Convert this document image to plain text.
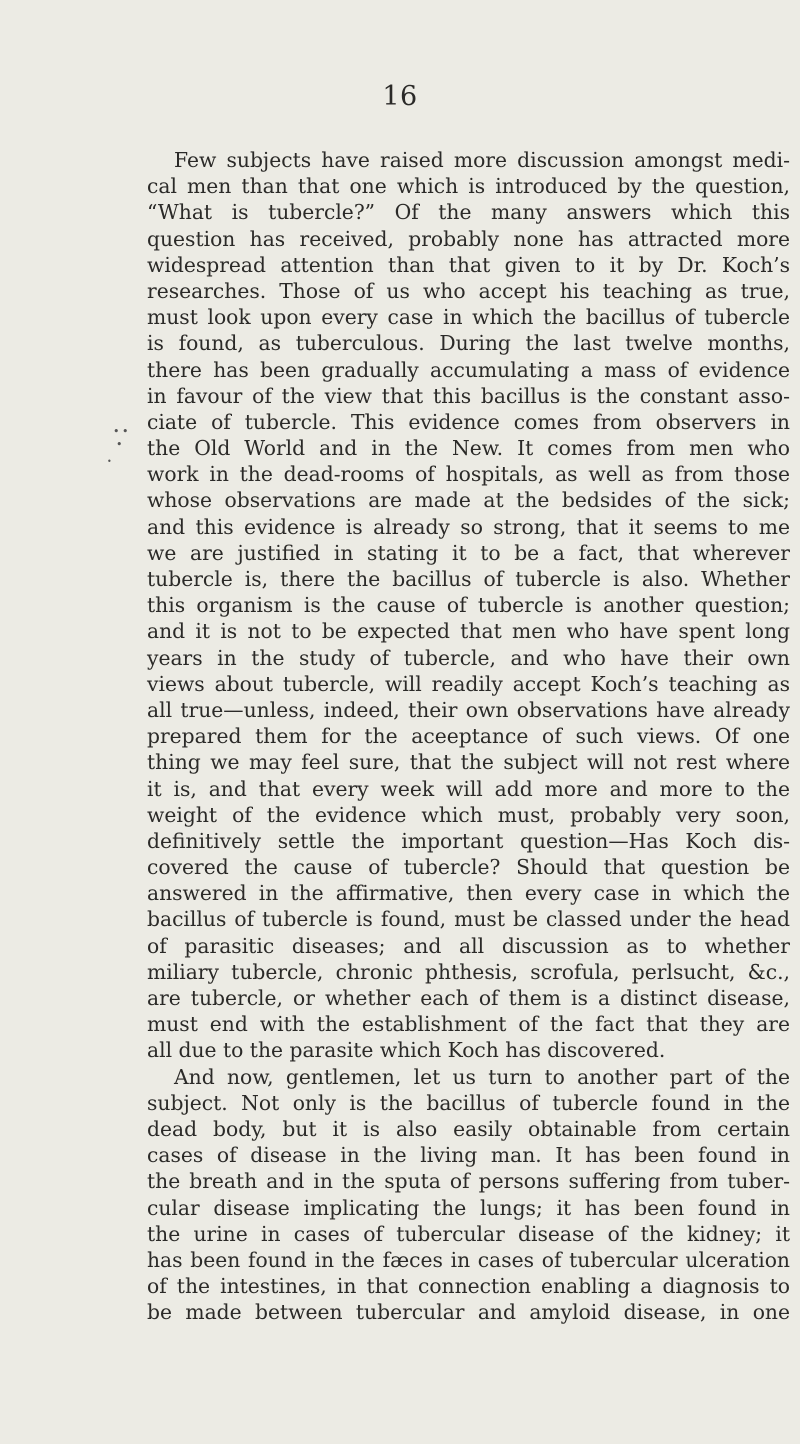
16
• •
•
•
Few subjects have raised more discussion amongst medi-
cal men than that one which is introduced by the question,
“What is tubercle?” Of the many answers which this
question has received, probably none has attracted more
widespread attention than that given to it by Dr. Koch’s
researches. Those of us who accept his teaching as true,
must look upon every case in which the bacillus of tubercle
is found, as tuberculous. During the last twelve months,
there has been gradually accumulating a mass of evidence
in favour of the view that this bacillus is the constant asso-
ciate of tubercle. This evidence comes from observers in
the Old World and in the New. It comes from men who
work in the dead-rooms of hospitals, as well as from those
whose observations are made at the bedsides of the sick;
and this evidence is already so strong, that it seems to me
we are justified in stating it to be a fact, that wherever
tubercle is, there the bacillus of tubercle is also. Whether
this organism is the cause of tubercle is another question;
and it is not to be expected that men who have spent long
years in the study of tubercle, and who have their own
views about tubercle, will readily accept Koch’s teaching as
all true—unless, indeed, their own observations have already
prepared them for the aceeptance of such views. Of one
thing we may feel sure, that the subject will not rest where
it is, and that every week will add more and more to the
weight of the evidence which must, probably very soon,
definitively settle the important question—Has Koch dis-
covered the cause of tubercle? Should that question be
answered in the affirmative, then every case in which the
bacillus of tubercle is found, must be classed under the head
of parasitic diseases; and all discussion as to whether
miliary tubercle, chronic phthesis, scrofula, perlsucht, &c.,
are tubercle, or whether each of them is a distinct disease,
must end with the establishment of the fact that they are
all due to the parasite which Koch has discovered.
And now, gentlemen, let us turn to another part of the
subject. Not only is the bacillus of tubercle found in the
dead body, but it is also easily obtainable from certain
cases of disease in the living man. It has been found in
the breath and in the sputa of persons suffering from tuber-
cular disease implicating the lungs; it has been found in
the urine in cases of tubercular disease of the kidney; it
has been found in the fæces in cases of tubercular ulceration
of the intestines, in that connection enabling a diagnosis to
be made between tubercular and amyloid disease, in one
